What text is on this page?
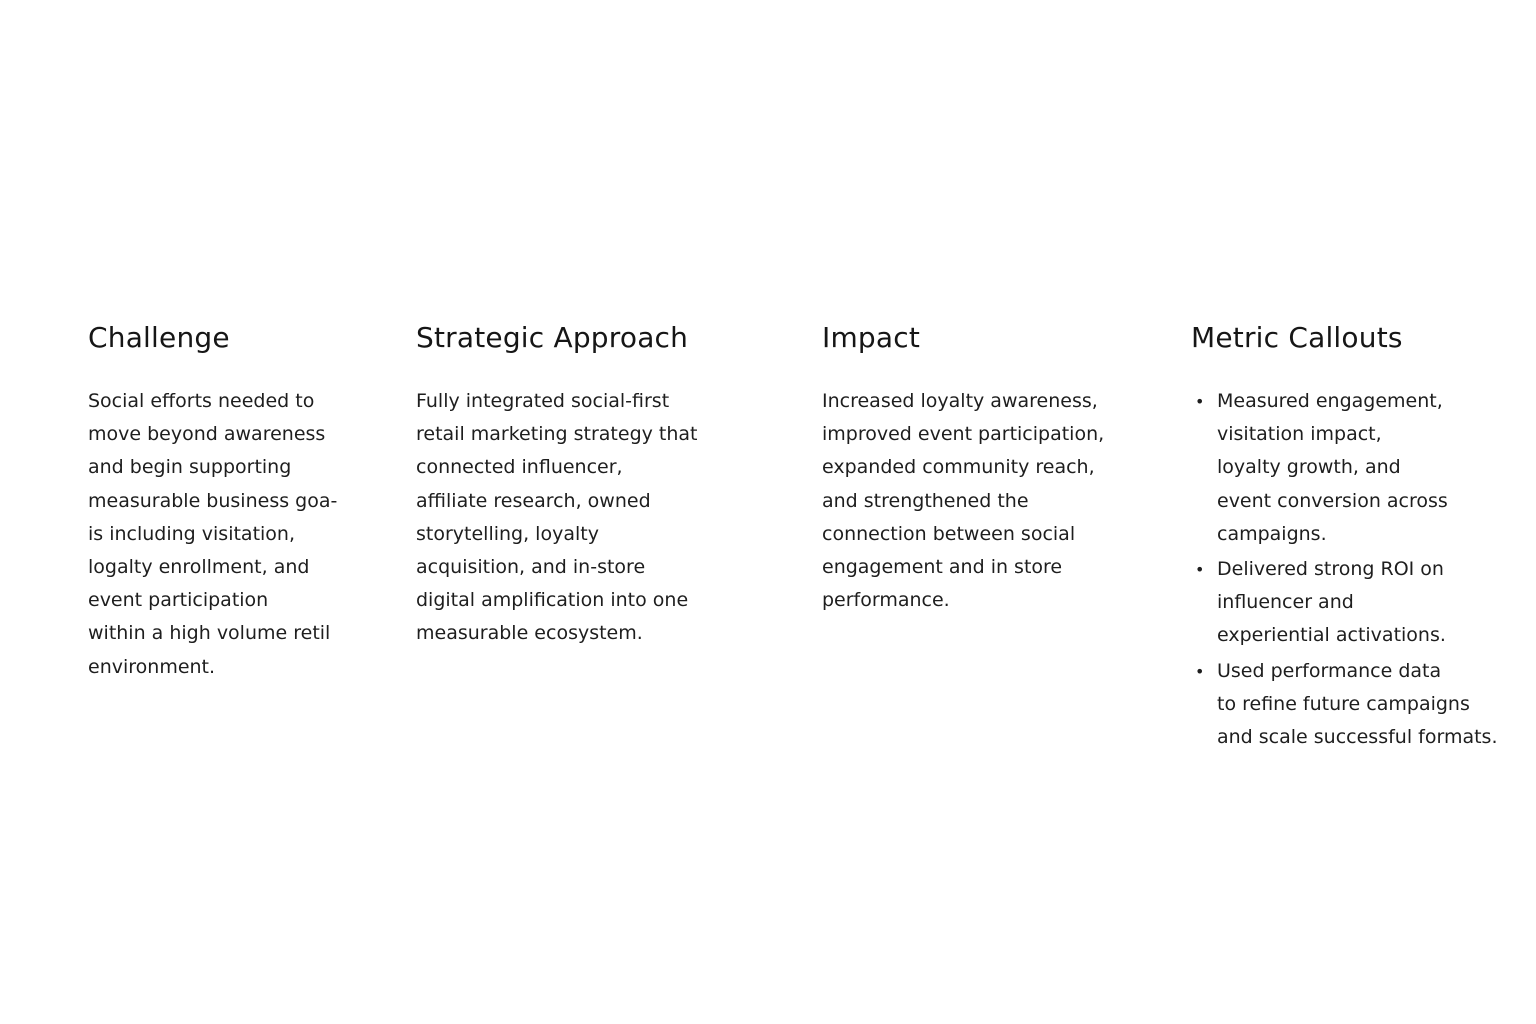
Challenge
Social efforts needed to
move beyond awareness
and begin supporting
measurable business goa-
is including visitation,
logalty enrollment, and
event participation
within a high volume retil
environment.
Strategic Approach
Fully integrated social-first
retail marketing strategy that
connected influencer,
affiliate research, owned
storytelling, loyalty
acquisition, and in-store
digital amplification into one
measurable ecosystem.
Impact
Increased loyalty awareness,
improved event participation,
expanded community reach,
and strengthened the
connection between social
engagement and in store
performance.
Metric Callouts
• Measured engagement,
visitation impact,
loyalty growth, and
event conversion across
campaigns.
• Delivered strong ROI on
influencer and
experiential activations.
• Used performance data
to refine future campaigns
and scale successful formats.
